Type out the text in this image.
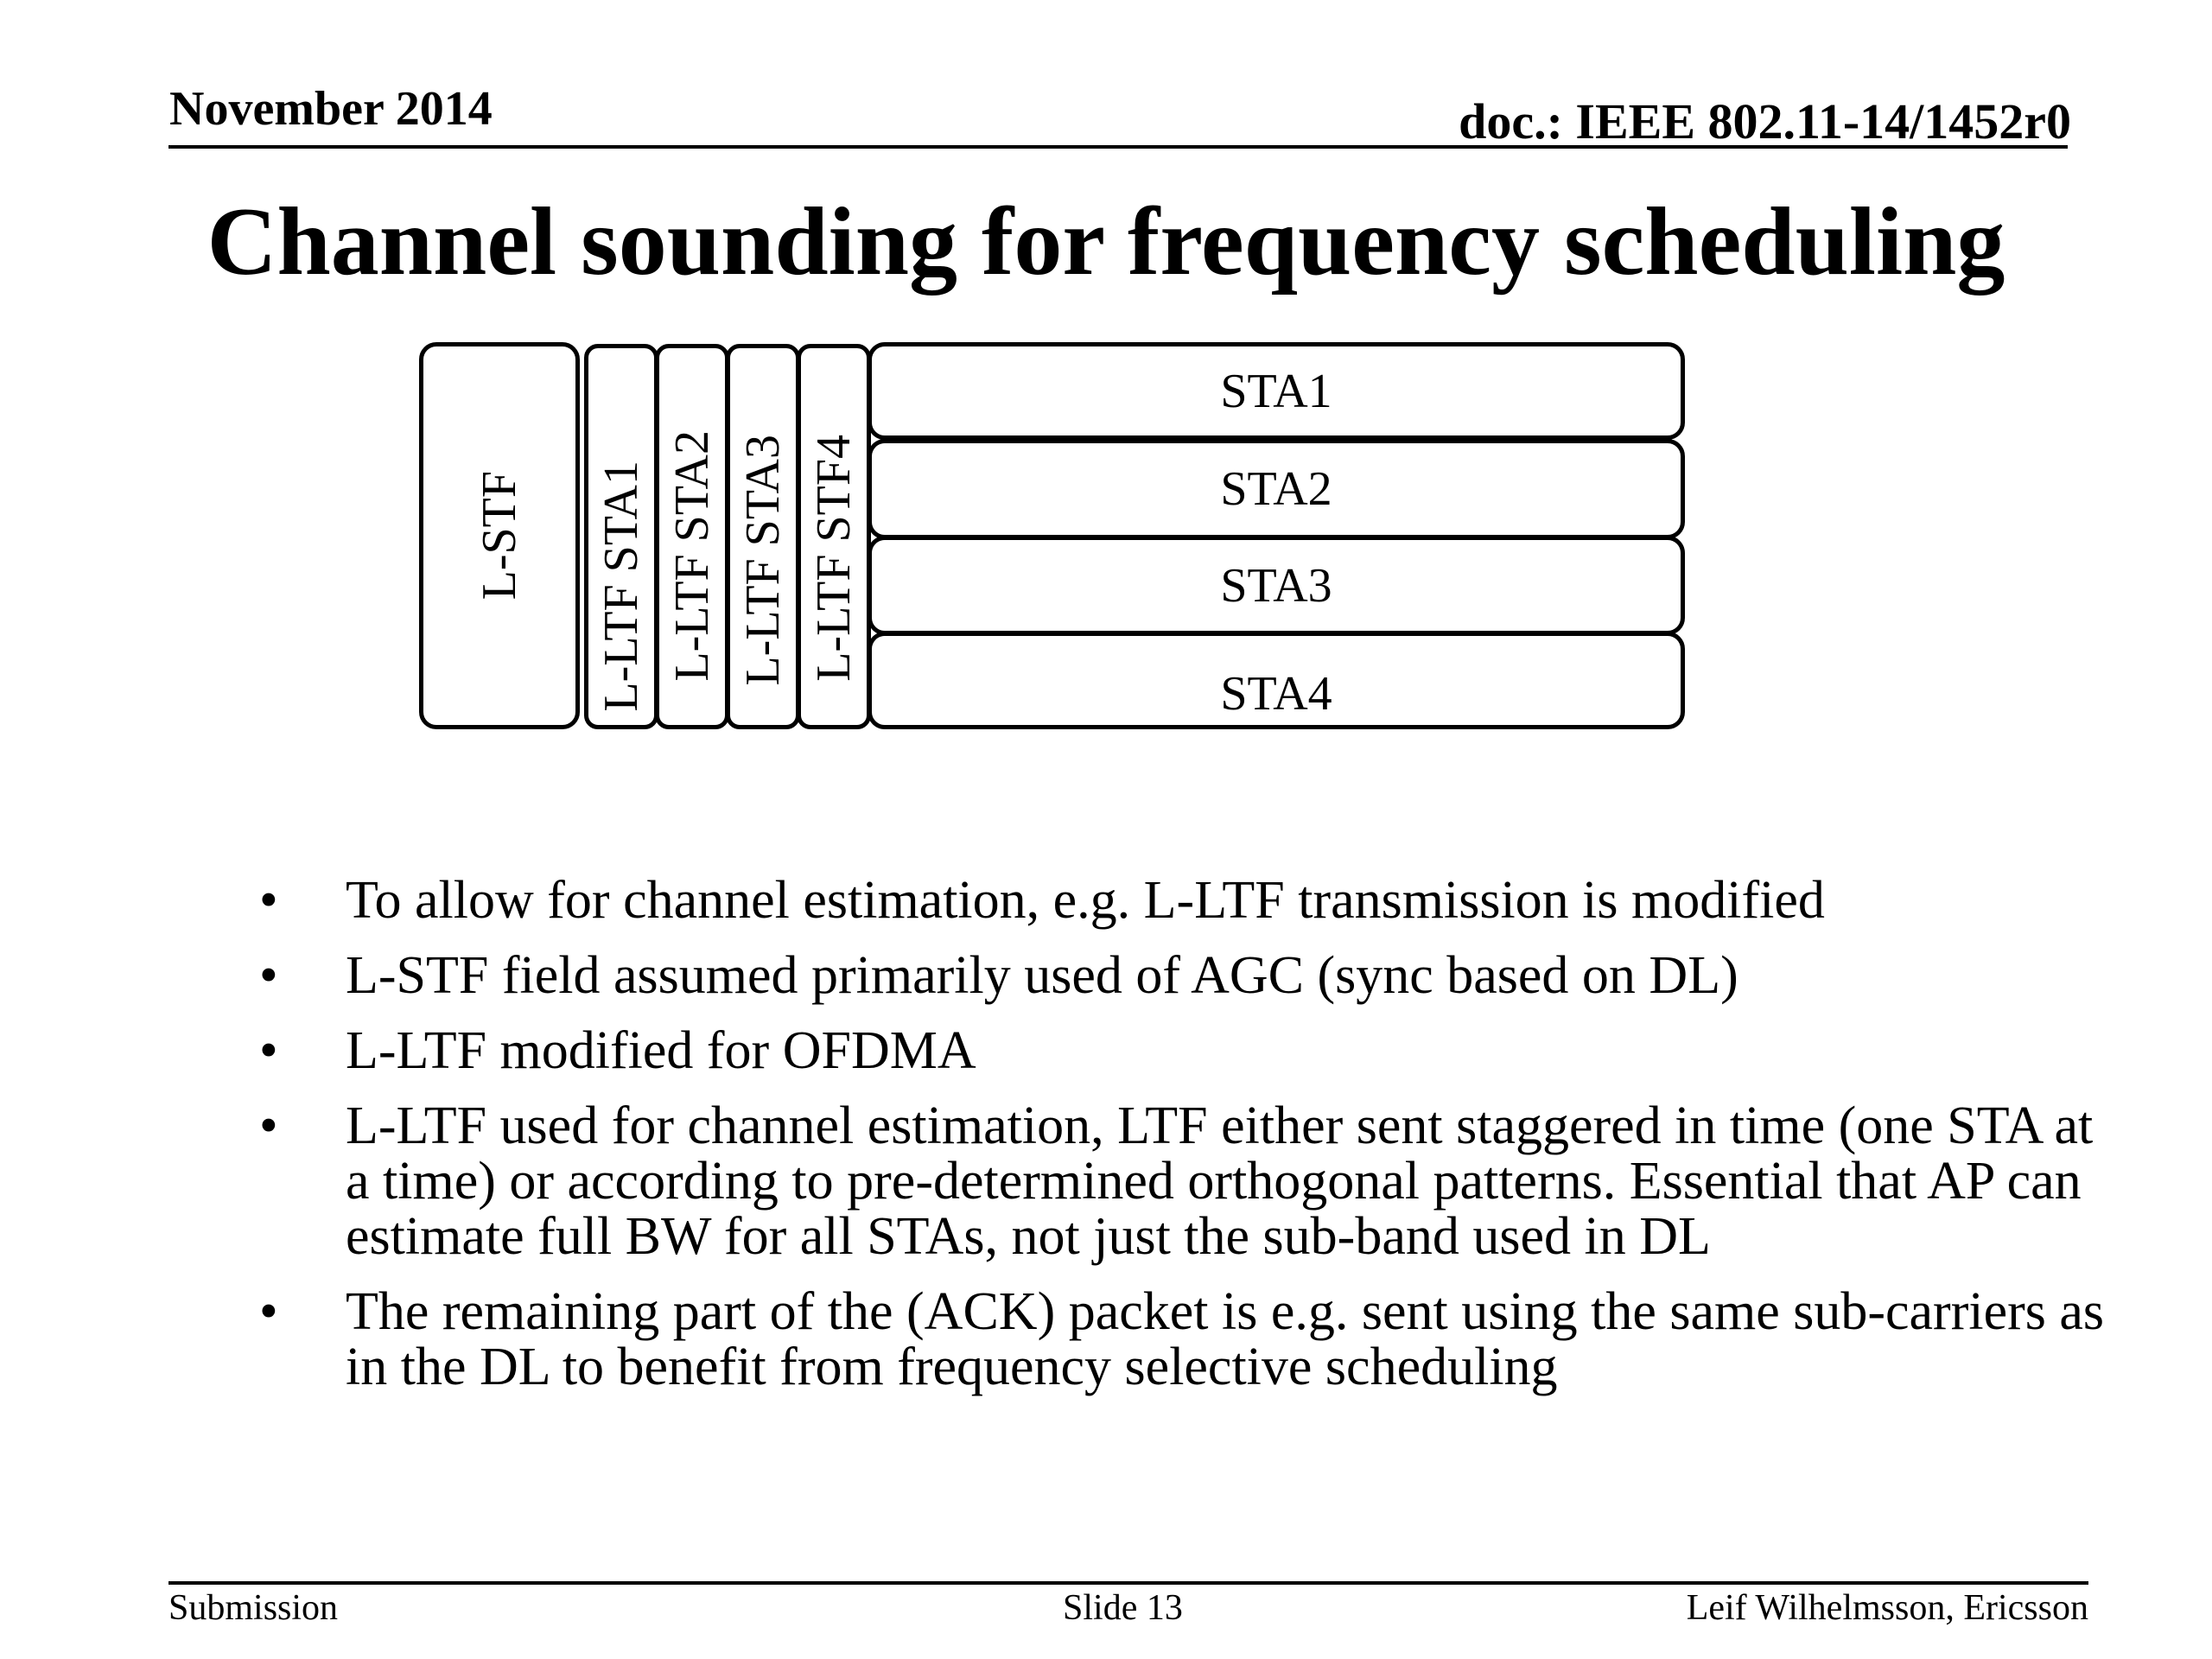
November 2014	doc.: IEEE 802.11-14/1452r0
Channel sounding for frequency scheduling
L-STF L-LTF STA1 L-LTF STA2 L-LTF STA3 L-LTF STF4
STA1
STA2
STA3
STA4
• To allow for channel estimation, e.g. L-LTF transmission is modified
• L-STF field assumed primarily used of AGC (sync based on DL)
• L-LTF modified for OFDMA
• L-LTF used for channel estimation, LTF either sent staggered in time (one STA at a time) or according to pre-determined orthogonal patterns. Essential that AP can estimate full BW for all STAs, not just the sub-band used in DL
• The remaining part of the (ACK) packet is e.g. sent using the same sub-carriers as in the DL to benefit from frequency selective scheduling
Submission	Slide 13	Leif Wilhelmsson, Ericsson
